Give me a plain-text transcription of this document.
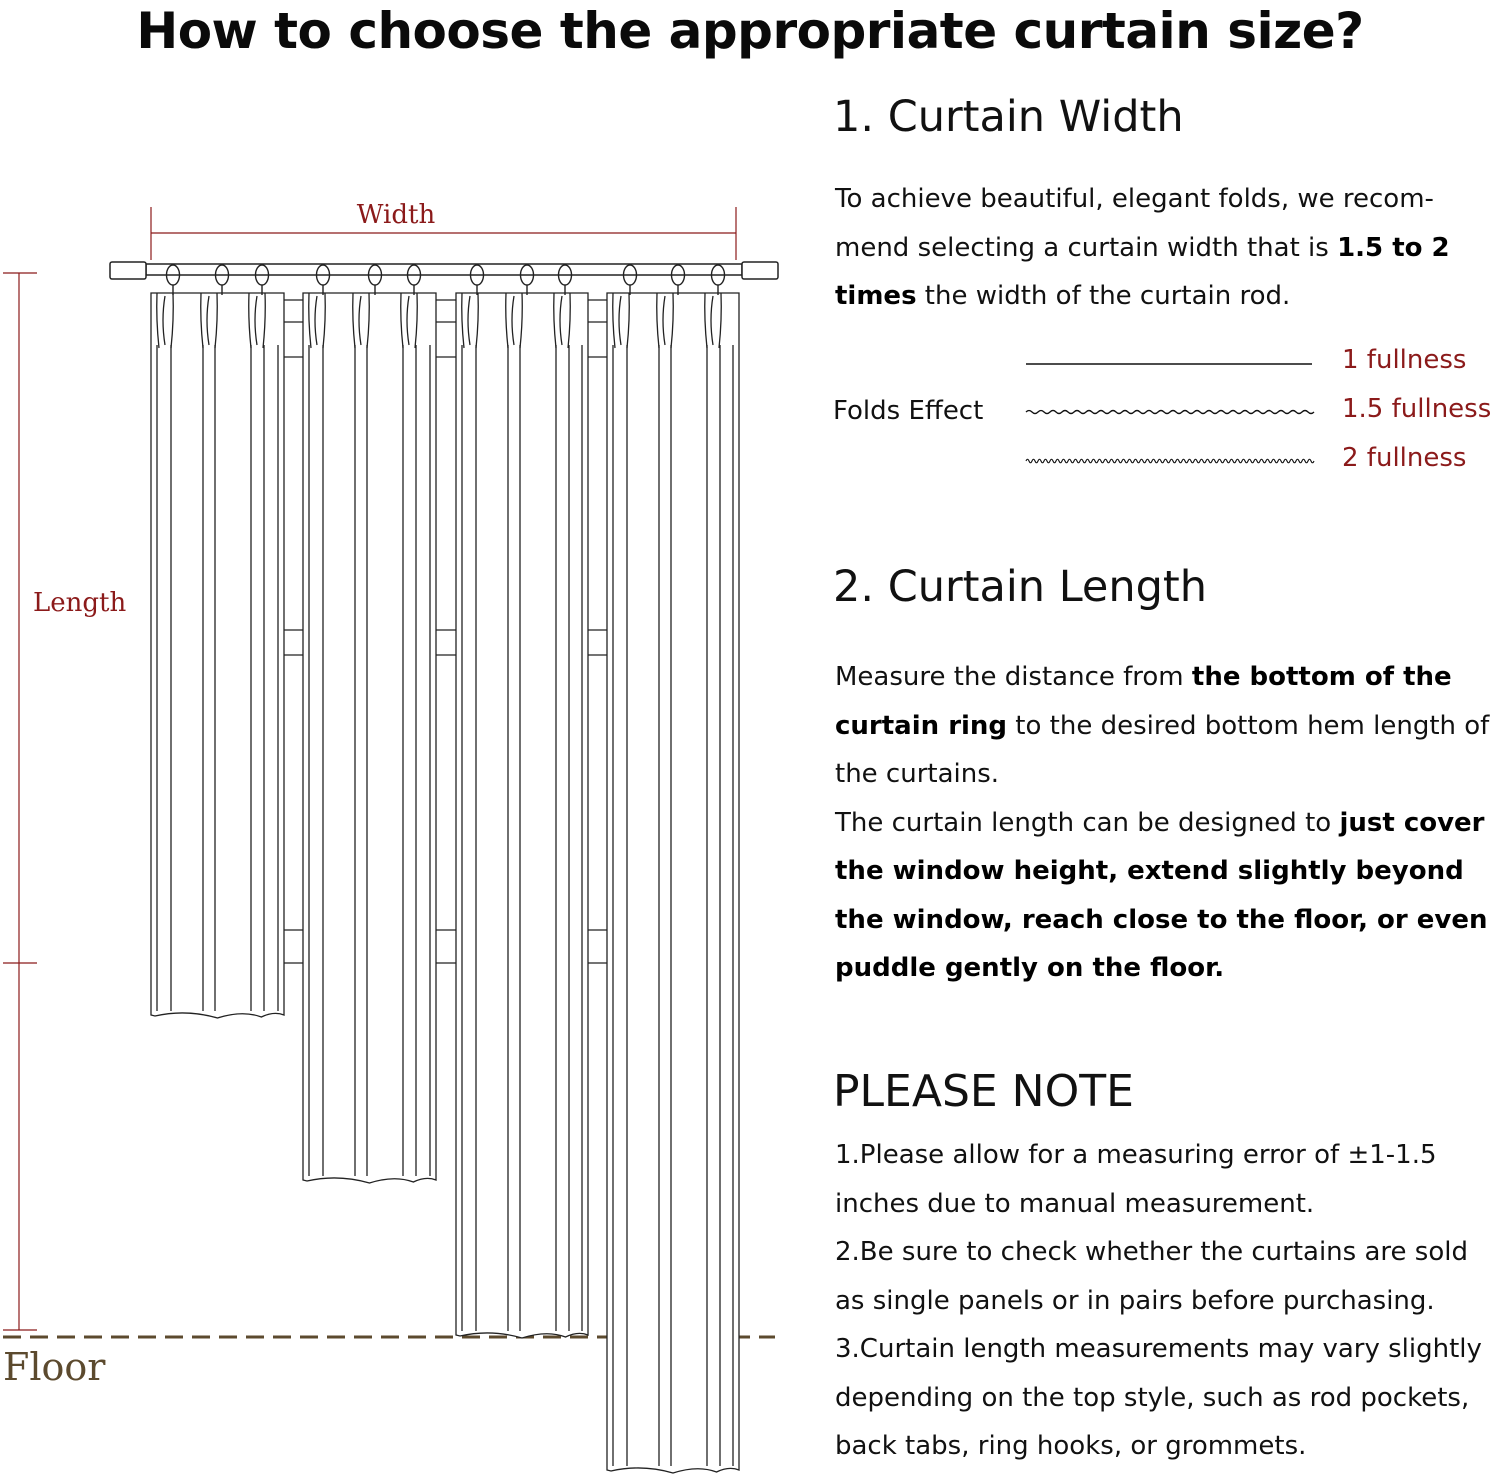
How to choose the appropriate curtain size?
Width
Length
Floor
1. Curtain Width
To achieve beautiful, elegant folds, we recom-mend selecting a curtain width that is 1.5 to 2 times the width of the curtain rod.
Folds Effect
1 fullness
1.5 fullness
2 fullness
2. Curtain Length
Measure the distance from the bottom of the curtain ring to the desired bottom hem length of the curtains.
The curtain length can be designed to just cover the window height, extend slightly beyond the window, reach close to the floor, or even puddle gently on the floor.
PLEASE NOTE
1.Please allow for a measuring error of ±1-1.5 inches due to manual measurement.
2.Be sure to check whether the curtains are sold as single panels or in pairs before purchasing.
3.Curtain length measurements may vary slightly depending on the top style, such as rod pockets, back tabs, ring hooks, or grommets.
